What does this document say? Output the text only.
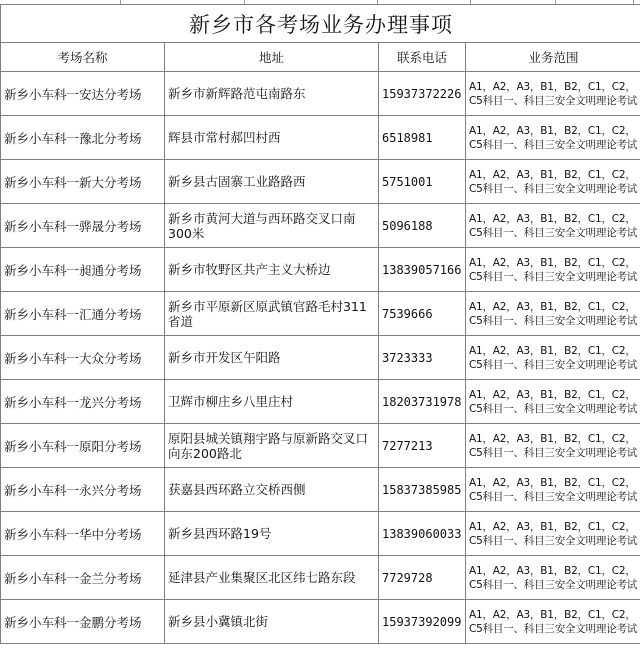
新乡市各考场业务办理事项			
考场名称	地址	联系电话	业务范围
新乡小车科一安达分考场	新乡市新辉路范屯南路东	15937372226	A1，A2，A3，B1，B2，C1，C2，C5科目一、科目三安全文明理论考试
新乡小车科一豫北分考场	辉县市常村郝凹村西	6518981	A1，A2，A3，B1，B2，C1，C2，C5科目一、科目三安全文明理论考试
新乡小车科一新大分考场	新乡县古固寨工业路路西	5751001	A1，A2，A3，B1，B2，C1，C2，C5科目一、科目三安全文明理论考试
新乡小车科一骅晟分考场	新乡市黄河大道与西环路交叉口南300米	5096188	A1，A2，A3，B1，B2，C1，C2，C5科目一、科目三安全文明理论考试
新乡小车科一昶通分考场	新乡市牧野区共产主义大桥边	13839057166	A1，A2，A3，B1，B2，C1，C2，C5科目一、科目三安全文明理论考试
新乡小车科一汇通分考场	新乡市平原新区原武镇官路毛村311省道	7539666	A1，A2，A3，B1，B2，C1，C2，C5科目一、科目三安全文明理论考试
新乡小车科一大众分考场	新乡市开发区午阳路	3723333	A1，A2，A3，B1，B2，C1，C2，C5科目一、科目三安全文明理论考试
新乡小车科一龙兴分考场	卫辉市柳庄乡八里庄村	18203731978	A1，A2，A3，B1，B2，C1，C2，C5科目一、科目三安全文明理论考试
新乡小车科一原阳分考场	原阳县城关镇翔宇路与原新路交叉口向东200路北	7277213	A1，A2，A3，B1，B2，C1，C2，C5科目一、科目三安全文明理论考试
新乡小车科一永兴分考场	获嘉县西环路立交桥西侧	15837385985	A1，A2，A3，B1，B2，C1，C2，C5科目一、科目三安全文明理论考试
新乡小车科一华中分考场	新乡县西环路19号	13839060033	A1，A2，A3，B1，B2，C1，C2，C5科目一、科目三安全文明理论考试
新乡小车科一金兰分考场	延津县产业集聚区北区纬七路东段	7729728	A1，A2，A3，B1，B2，C1，C2，C5科目一、科目三安全文明理论考试
新乡小车科一金鹏分考场	新乡县小冀镇北街	15937392099	A1，A2，A3，B1，B2，C1，C2，C5科目一、科目三安全文明理论考试
